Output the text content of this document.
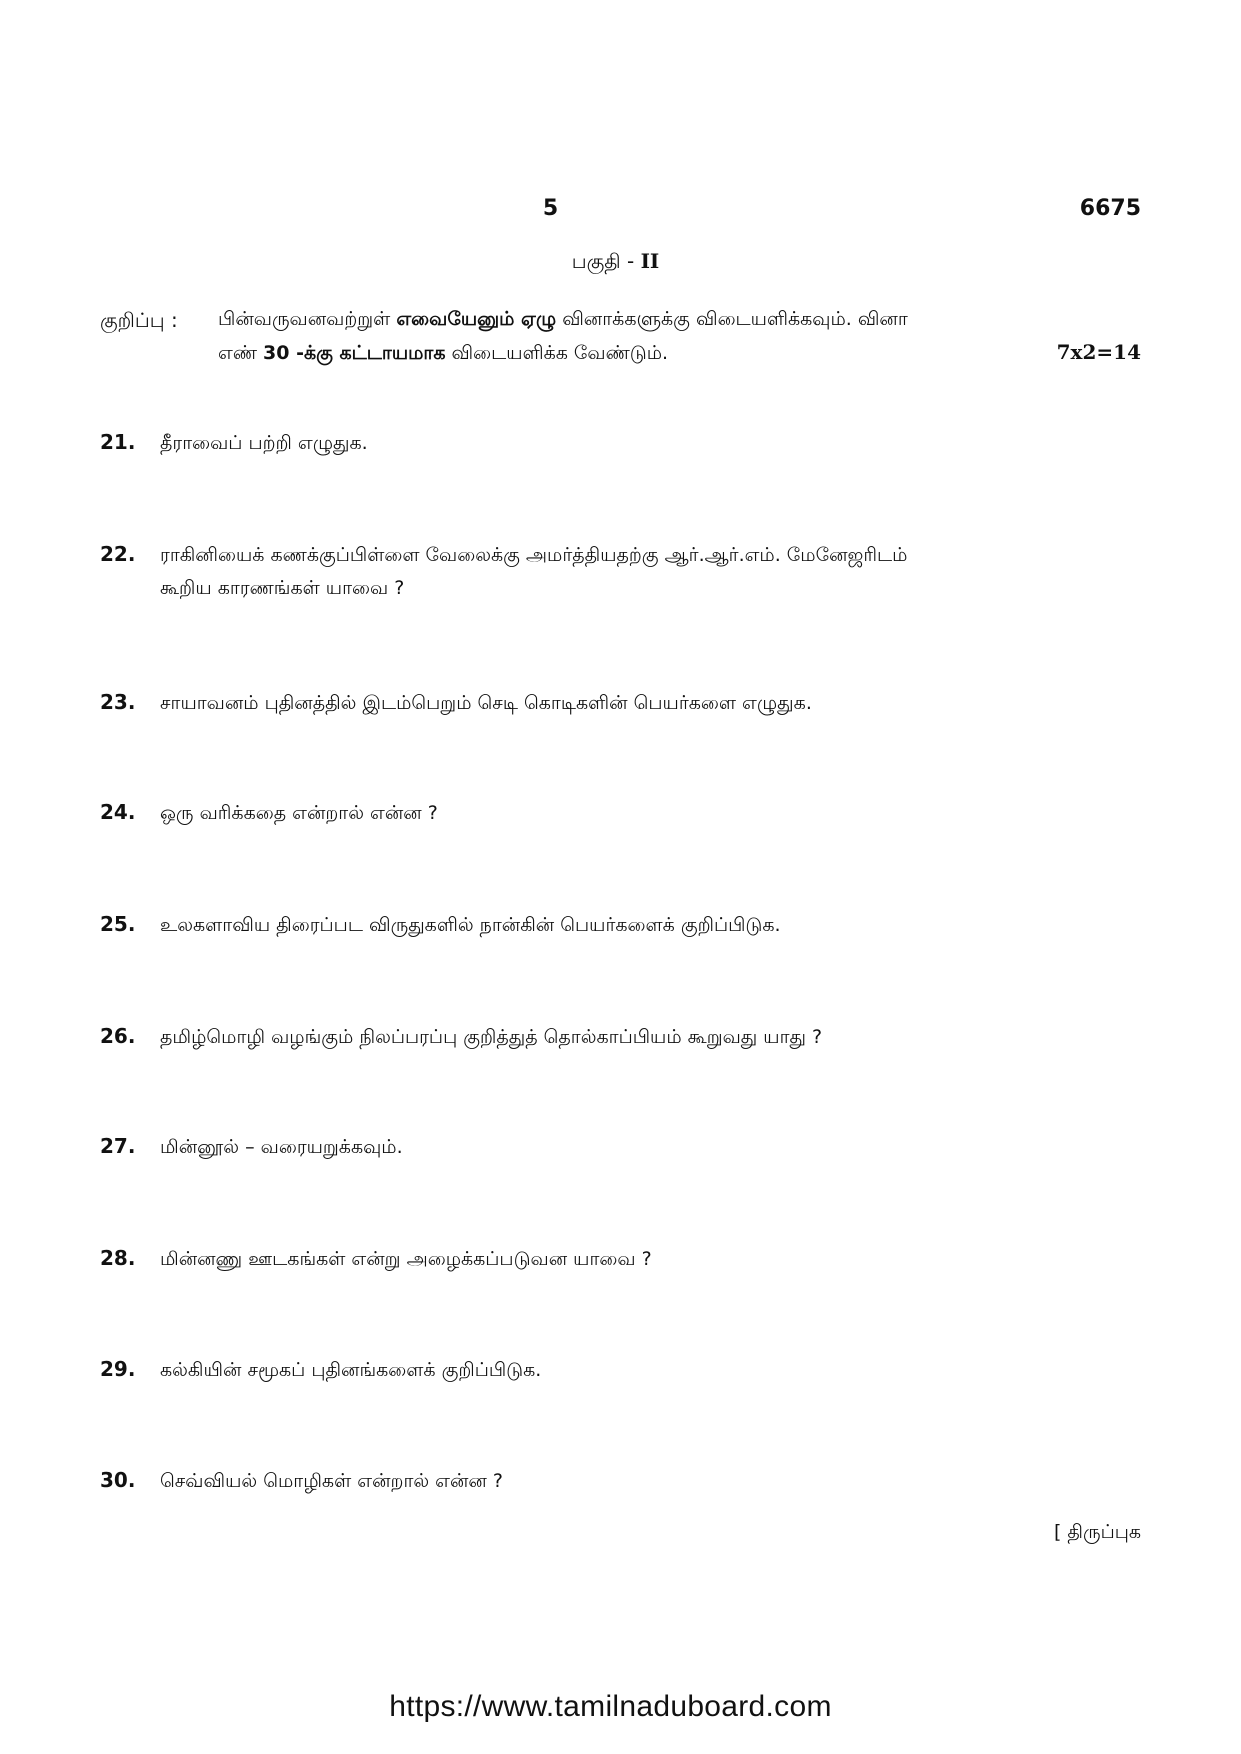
5	6675
பகுதி - II
குறிப்பு : பின்வருவனவற்றுள் எவையேனும் ஏழு வினாக்களுக்கு விடையளிக்கவும். வினா
எண் 30 -க்கு கட்டாயமாக விடையளிக்க வேண்டும்.	7x2=14
21. தீராவைப் பற்றி எழுதுக.
22. ராகினியைக் கணக்குப்பிள்ளை வேலைக்கு அமர்த்தியதற்கு ஆர்.ஆர்.எம். மேனேஜரிடம்
கூறிய காரணங்கள் யாவை ?
23. சாயாவனம் புதினத்தில் இடம்பெறும் செடி கொடிகளின் பெயர்களை எழுதுக.
24. ஒரு வரிக்கதை என்றால் என்ன ?
25. உலகளாவிய திரைப்பட விருதுகளில் நான்கின் பெயர்களைக் குறிப்பிடுக.
26. தமிழ்மொழி வழங்கும் நிலப்பரப்பு குறித்துத் தொல்காப்பியம் கூறுவது யாது ?
27. மின்னூல் – வரையறுக்கவும்.
28. மின்னணு ஊடகங்கள் என்று அழைக்கப்படுவன யாவை ?
29. கல்கியின் சமூகப் புதினங்களைக் குறிப்பிடுக.
30. செவ்வியல் மொழிகள் என்றால் என்ன ?
[ திருப்புக
https://www.tamilnaduboard.com
